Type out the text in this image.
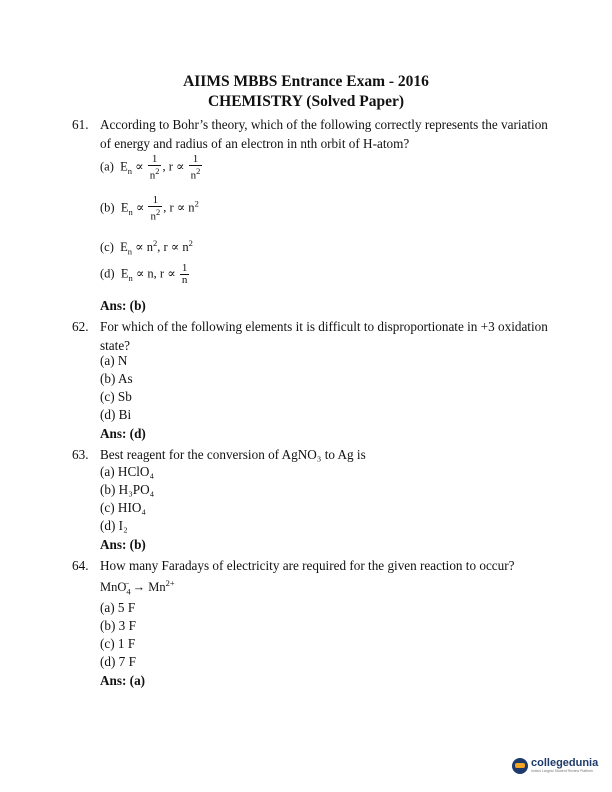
AIIMS MBBS Entrance Exam - 2016
CHEMISTRY (Solved Paper)
61. According to Bohr’s theory, which of the following correctly represents the variation of energy and radius of an electron in nth orbit of H-atom?
(a)  $E_n \propto \frac{1}{n^2}$ , $r \propto \frac{1}{n^2}$
(b)  $E_n \propto \frac{1}{n^2}$ , $r \propto n^2$
(c)  $E_n \propto n^2$, $r \propto n^2$
(d)  $E_n \propto n$, $r \propto \frac{1}{n}$
Ans: (b)
62. For which of the following elements it is difficult to disproportionate in +3 oxidation state?
(a) N
(b) As
(c) Sb
(d) Bi
Ans: (d)
63. Best reagent for the conversion of AgNO₃ to Ag is
(a) HClO₄
(b) H₃PO₄
(c) HIO₄
(d) I₂
Ans: (b)
64. How many Faradays of electricity are required for the given reaction to occur?
$MnO_4^- \to Mn^{2+}$
(a) 5 F
(b) 3 F
(c) 1 F
(d) 7 F
Ans: (a)
collegedunia
India's Largest Student Review Platform
